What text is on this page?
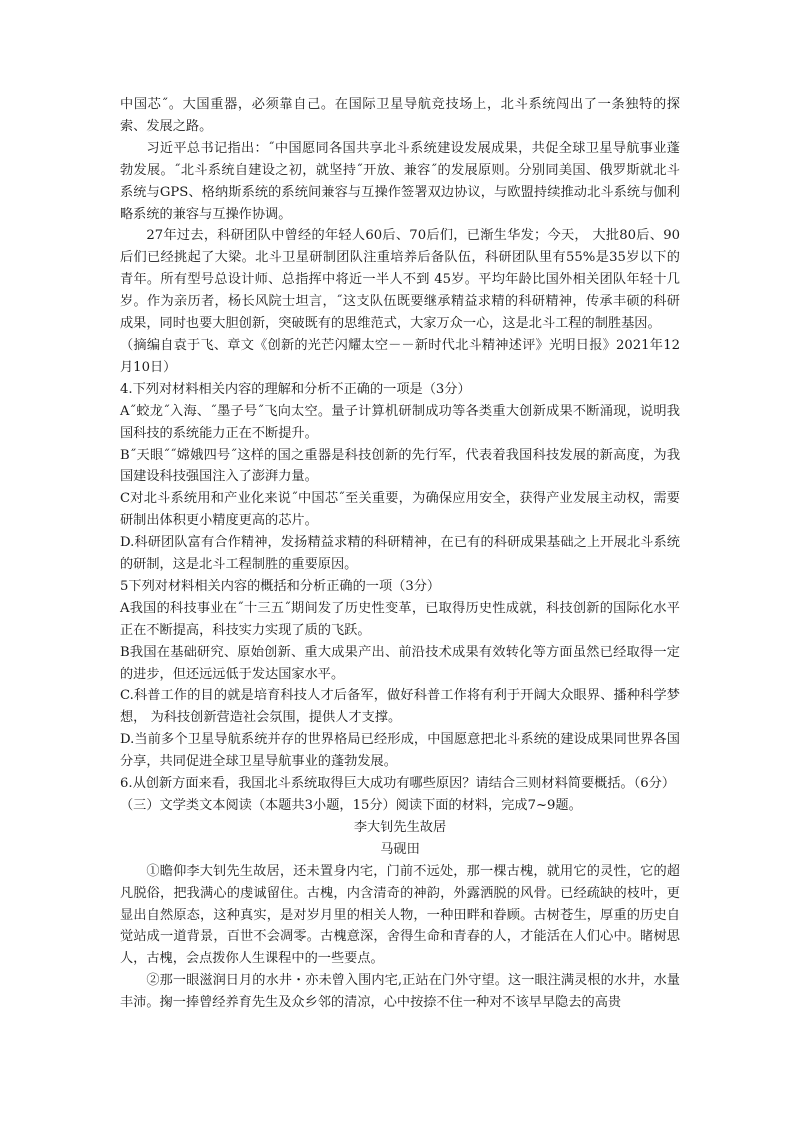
中国芯˝。大国重器，必须靠自己。在国际卫星导航竞技场上，北斗系统闯出了一条独特的探索、发展之路。

习近平总书记指出：˝中国愿同各国共享北斗系统建设发展成果，共促全球卫星导航事业蓬勃发展。˝北斗系统自建设之初，就坚持˝开放、兼容˝的发展原则。分别同美国、俄罗斯就北斗系统与GPS、格纳斯系统的系统间兼容与互操作签署双边协议，与欧盟持续推动北斗系统与伽利略系统的兼容与互操作协调。

27年过去，科研团队中曾经的年轻人60后、70后们，已渐生华发；今天， 大批80后、90后们已经挑起了大梁。北斗卫星研制团队注重培养后备队伍，科研团队里有55%是35岁以下的青年。所有型号总设计师、总指挥中将近一半人不到 45岁。平均年龄比国外相关团队年轻十几岁。作为亲历者，杨长风院士坦言，˝这支队伍既要继承精益求精的科研精神，传承丰硕的科研成果，同时也要大胆创新，突破既有的思维范式，大家万众一心，这是北斗工程的制胜基因。

（摘编自袁于飞、章文《创新的光芒闪耀太空－－新时代北斗精神述评》光明日报》2021年12月10日）

4.下列对材料相关内容的理解和分析不正确的一项是（3分）

A˝蛟龙˝入海、˝墨子号˝飞向太空。量子计算机研制成功等各类重大创新成果不断涌现，说明我国科技的系统能力正在不断提升。

B˝天眼˝˝嫦娥四号˝这样的国之重器是科技创新的先行军，代表着我国科技发展的新高度，为我国建设科技强国注入了澎湃力量。

C对北斗系统用和产业化来说˝中国芯˝至关重要，为确保应用安全，获得产业发展主动权，需要研制出体积更小精度更高的芯片。

D.科研团队富有合作精神，发扬精益求精的科研精神，在已有的科研成果基础之上开展北斗系统的研制，这是北斗工程制胜的重要原因。

5下列对材料相关内容的概括和分析正确的一项（3分）

A我国的科技事业在˝十三五˝期间发了历史性变革，已取得历史性成就，科技创新的国际化水平正在不断提高，科技实力实现了质的飞跃。

B我国在基础研究、原始创新、重大成果产出、前沿技术成果有效转化等方面虽然已经取得一定的进步，但还远远低于发达国家水平。

C.科普工作的目的就是培育科技人才后备军，做好科普工作将有利于开阔大众眼界、播种科学梦想， 为科技创新营造社会氛围，提供人才支撑。

D.当前多个卫星导航系统并存的世界格局已经形成，中国愿意把北斗系统的建设成果同世界各国分享，共同促进全球卫星导航事业的蓬勃发展。

6.从创新方面来看，我国北斗系统取得巨大成功有哪些原因？请结合三则材料简要概括。（6分）

（三）文学类文本阅读（本题共3小题，15分）阅读下面的材料，完成7~9题。

李大钊先生故居

马砚田

①瞻仰李大钊先生故居，还未置身内宅，门前不远处，那一棵古槐，就用它的灵性，它的超凡脱俗，把我满心的虔诚留住。古槐，内含清奇的神韵，外露洒脱的风骨。已经疏缺的枝叶，更显出自然原态，这种真实，是对岁月里的相关人物，一种田畔和眷顾。古树苍生，厚重的历史自觉站成一道背景，百世不会凋零。古槐意深，舍得生命和青春的人，才能活在人们心中。睹树思人，古槐，会点拨你人生课程中的一些要点。

②那一眼滋润日月的水井・亦未曾入围内宅,正站在门外守望。这一眼注满灵根的水井，水量丰沛。掬一捧曾经养育先生及众乡邻的清凉，心中按捺不住一种对不该早早隐去的高贵
